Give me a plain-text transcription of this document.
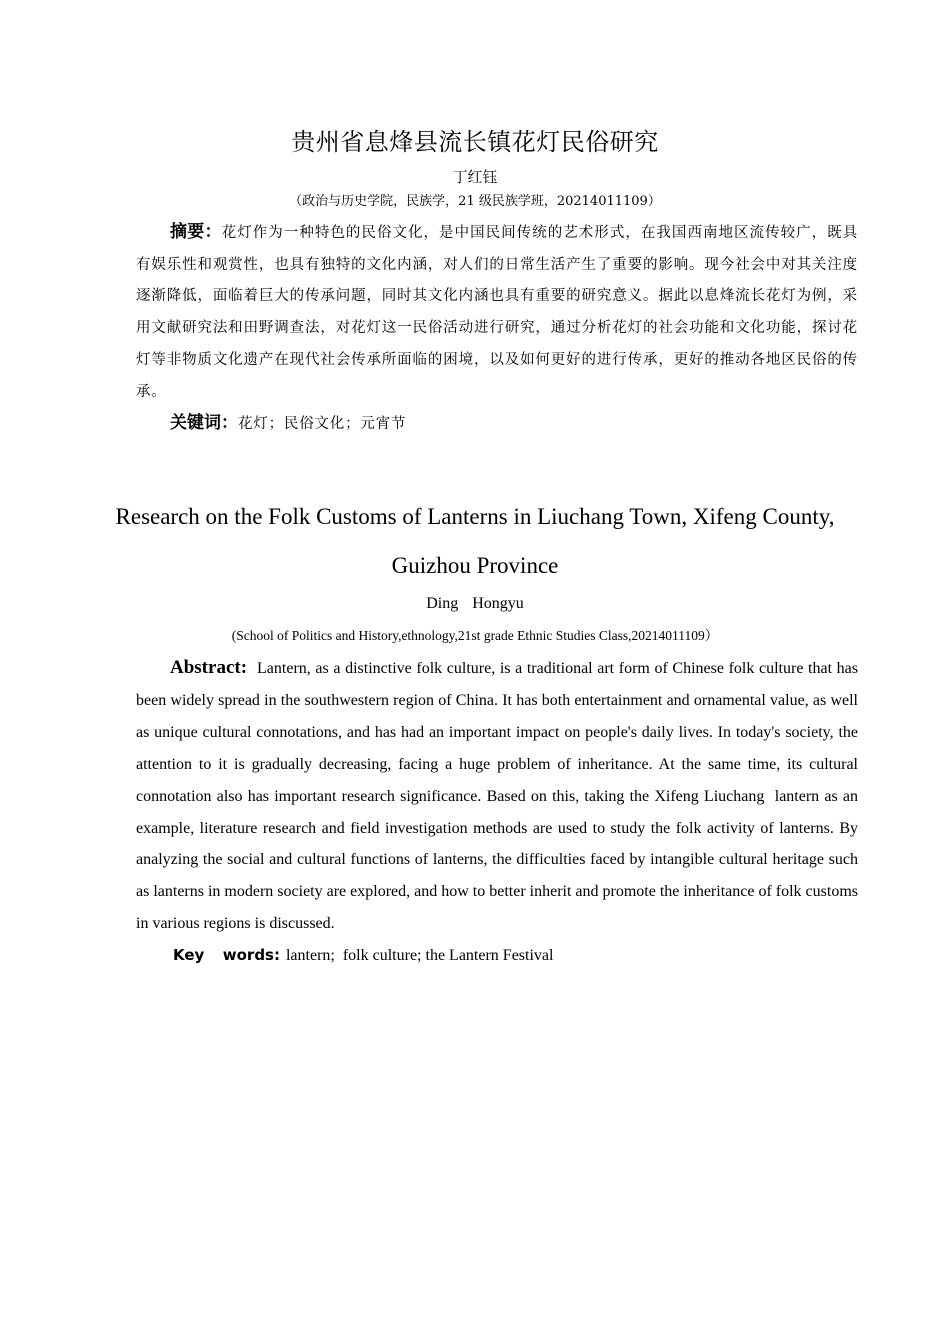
贵州省息烽县流长镇花灯民俗研究
丁红钰
（政治与历史学院，民族学，21 级民族学班，20214011109）

摘要：花灯作为一种特色的民俗文化，是中国民间传统的艺术形式，在我国西南地区流传较广，既具有娱乐性和观赏性，也具有独特的文化内涵，对人们的日常生活产生了重要的影响。现今社会中对其关注度逐渐降低，面临着巨大的传承问题，同时其文化内涵也具有重要的研究意义。据此以息烽流长花灯为例，采用文献研究法和田野调查法，对花灯这一民俗活动进行研究，通过分析花灯的社会功能和文化功能，探讨花灯等非物质文化遗产在现代社会传承所面临的困境，以及如何更好的进行传承，更好的推动各地区民俗的传承。

关键词：花灯；民俗文化；元宵节
Research on the Folk Customs of Lanterns in Liuchang Town, Xifeng County, Guizhou Province
Ding  Hongyu
(School of Politics and History,ethnology,21st grade Ethnic Studies Class,20214011109）

Abstract: Lantern, as a distinctive folk culture, is a traditional art form of Chinese folk culture that has been widely spread in the southwestern region of China. It has both entertainment and ornamental value, as well as unique cultural connotations, and has had an important impact on people's daily lives. In today's society, the attention to it is gradually decreasing, facing a huge problem of inheritance. At the same time, its cultural connotation also has important research significance. Based on this, taking the Xifeng Liuchang  lantern as an example, literature research and field investigation methods are used to study the folk activity of lanterns. By analyzing the social and cultural functions of lanterns, the difficulties faced by intangible cultural heritage such as lanterns in modern society are explored, and how to better inherit and promote the inheritance of folk customs in various regions is discussed.

Key  words: lantern;  folk culture; the Lantern Festival
